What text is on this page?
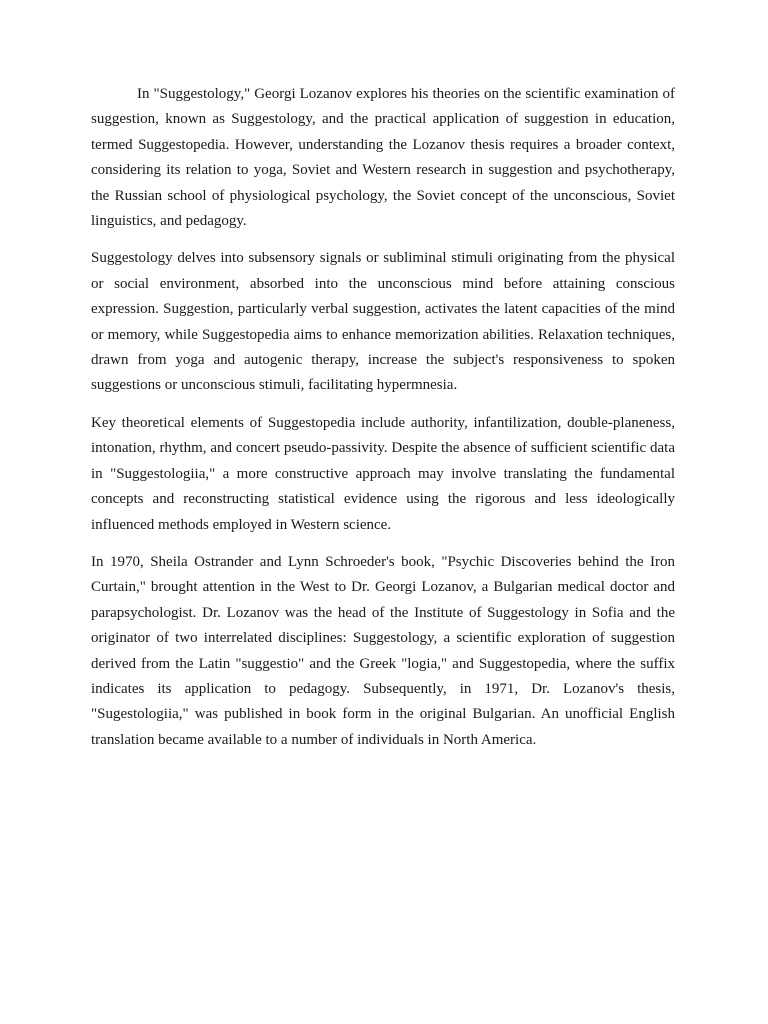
In "Suggestology," Georgi Lozanov explores his theories on the scientific examination of suggestion, known as Suggestology, and the practical application of suggestion in education, termed Suggestopedia. However, understanding the Lozanov thesis requires a broader context, considering its relation to yoga, Soviet and Western research in suggestion and psychotherapy, the Russian school of physiological psychology, the Soviet concept of the unconscious, Soviet linguistics, and pedagogy.

Suggestology delves into subsensory signals or subliminal stimuli originating from the physical or social environment, absorbed into the unconscious mind before attaining conscious expression. Suggestion, particularly verbal suggestion, activates the latent capacities of the mind or memory, while Suggestopedia aims to enhance memorization abilities. Relaxation techniques, drawn from yoga and autogenic therapy, increase the subject's responsiveness to spoken suggestions or unconscious stimuli, facilitating hypermnesia.

Key theoretical elements of Suggestopedia include authority, infantilization, double-planeness, intonation, rhythm, and concert pseudo-passivity. Despite the absence of sufficient scientific data in "Suggestologiia," a more constructive approach may involve translating the fundamental concepts and reconstructing statistical evidence using the rigorous and less ideologically influenced methods employed in Western science.

In 1970, Sheila Ostrander and Lynn Schroeder's book, "Psychic Discoveries behind the Iron Curtain," brought attention in the West to Dr. Georgi Lozanov, a Bulgarian medical doctor and parapsychologist. Dr. Lozanov was the head of the Institute of Suggestology in Sofia and the originator of two interrelated disciplines: Suggestology, a scientific exploration of suggestion derived from the Latin "suggestio" and the Greek "logia," and Suggestopedia, where the suffix indicates its application to pedagogy. Subsequently, in 1971, Dr. Lozanov's thesis, "Sugestologiia," was published in book form in the original Bulgarian. An unofficial English translation became available to a number of individuals in North America.
